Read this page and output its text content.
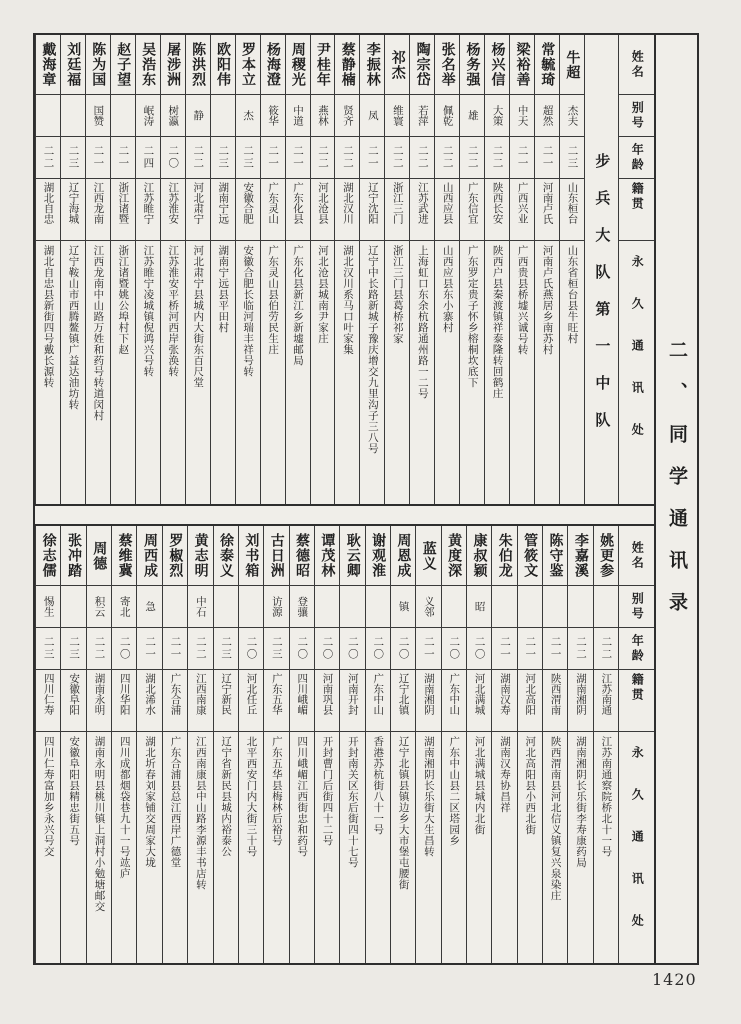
姓名
别号
年龄
籍贯
永久通讯处
步兵大队第一中队
牛超
杰夫
二三
山东桓台
山东省桓台县牛旺村
常毓琦
超然
二一
河南卢氏
河南卢氏燕居乡南苏村
梁裕善
中天
二一
广西兴业
广西贵县桥墟兴诚号转
杨兴信
大策
二二
陕西长安
陕西户县秦渡镇祥泰隆转回鹤庄
杨务强
雄
二二
广东信宜
广东罗定贵子怀乡榕桐坎底下
张名举
佩乾
二二
山西应县
山西应县东小寨村
陶宗岱
若萍
二二
江苏武进
上海虹口东余杭路通州路一二号
祁杰
维寰
二二
浙江三门
浙江三门县葛桥祁家
李振林
凤
二一
辽宁沈阳
辽宁中长路新城子豫庆增交九里沟子三八号
蔡静楠
贤齐
二二
湖北汉川
湖北汉川系马口叶家集
尹桂年
燕林
二二
河北沧县
河北沧县城南尹家庄
周稷光
中道
二一
广东化县
广东化县新江乡新墟邮局
杨海澄
筱华
二一
广东灵山
广东灵山县伯劳民生庄
罗本立
杰
二三
安徽合肥
安徽合肥长临河瑞丰祥号转
欧阳伟
二三
湖南宁远
湖南宁远县平田村
陈洪烈
静
二二
河北肃宁
河北肃宁县城内大街东百尺堂
屠涉洲
树瀛
二〇
江苏淮安
江苏淮安平桥河西岸张涣转
吴浩东
岷涛
二四
江苏睢宁
江苏睢宁凌城镇倪鸿兴号转
赵子望
二一
浙江诸暨
浙江诸暨姚公埠村下赵
陈为国
国赞
二一
江西龙南
江西龙南中山路万姓和药号转道闵村
刘廷福
二三
辽宁海城
辽宁鞍山市西腾鳌镇广益达油坊转
戴海章
二二
湖北自忠
湖北自忠县新街四号戴长源转
姓名
别号
年龄
籍贯
永久通讯处
姚更参
二二
江苏南通
江苏南通察院桥北十一号
李嘉溪
二二
湖南湘阴
湖南湘阴长乐街李寿康药局
陈守鉴
二一
陕西渭南
陕西渭南县河北信义镇复兴泉染庄
管筱文
二一
河北高阳
河北高阳县小西北街
朱伯龙
二一
湖南汉寿
湖南汉寿协昌祥
康叔颖
昭
二〇
河北满城
河北满城县城内北街
黄度深
二〇
广东中山
广东中山县二区塔园乡
蓝义
义邻
二一
湖南湘阴
湖南湘阴长乐街大生昌转
周恩成
镇
二〇
辽宁北镇
辽宁北镇县镇边乡大市堡屯腰街
谢观淮
二〇
广东中山
香港苏杭街八十一号
耿云卿
二〇
河南开封
开封南关区东后街四十七号
谭茂林
二〇
河南巩县
开封曹门后街四十二号
蔡德昭
登骧
二〇
四川峨嵋
四川峨嵋江西街忠和药号
古日洲
访源
二三
广东五华
广东五华县梅林后裕号
刘书箱
二〇
河北任丘
北平西安门内大街三十号
徐泰义
二三
辽宁新民
辽宁省新民县城内裕泰公
黄志明
中石
二二
江西南康
江西南康县中山路李源丰书店转
罗椒烈
二一
广东合浦
广东合浦县总江西岸广德堂
周西成
急
二一
湖北浠水
湖北圻春刘家铺交周家大垅
蔡维冀
寄北
二〇
四川华阳
四川成都烟袋巷九十一号竑庐
周德
积云
二二
湖南永明
湖南永明县桃川镇上洞村小勉塘邮交
张冲踏
二三
安徽阜阳
安徽阜阳县精忠街五号
徐志儒
惕生
二三
四川仁寿
四川仁寿富加乡永兴号交
二、同学通讯录
1420
